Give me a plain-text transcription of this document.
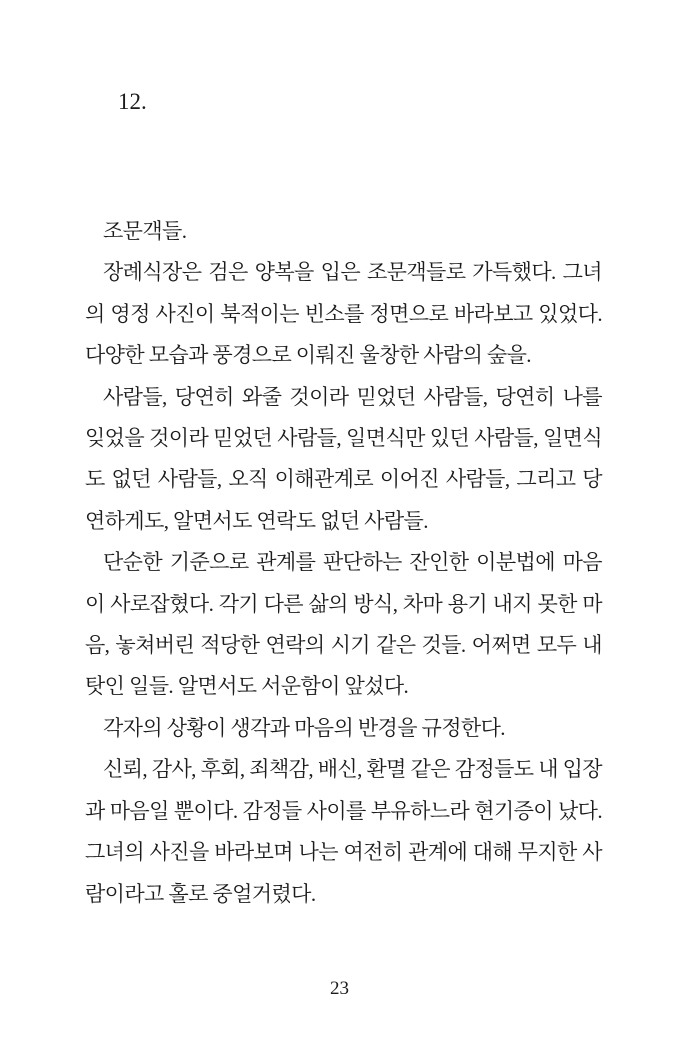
12.

조문객들.

장례식장은 검은 양복을 입은 조문객들로 가득했다. 그녀의 영정 사진이 북적이는 빈소를 정면으로 바라보고 있었다. 다양한 모습과 풍경으로 이뤄진 울창한 사람의 숲을.

사람들, 당연히 와줄 것이라 믿었던 사람들, 당연히 나를 잊었을 것이라 믿었던 사람들, 일면식만 있던 사람들, 일면식도 없던 사람들, 오직 이해관계로 이어진 사람들, 그리고 당연하게도, 알면서도 연락도 없던 사람들.

단순한 기준으로 관계를 판단하는 잔인한 이분법에 마음이 사로잡혔다. 각기 다른 삶의 방식, 차마 용기 내지 못한 마음, 놓쳐버린 적당한 연락의 시기 같은 것들. 어쩌면 모두 내 탓인 일들. 알면서도 서운함이 앞섰다.

각자의 상황이 생각과 마음의 반경을 규정한다.

신뢰, 감사, 후회, 죄책감, 배신, 환멸 같은 감정들도 내 입장과 마음일 뿐이다. 감정들 사이를 부유하느라 현기증이 났다. 그녀의 사진을 바라보며 나는 여전히 관계에 대해 무지한 사람이라고 홀로 중얼거렸다.

23
